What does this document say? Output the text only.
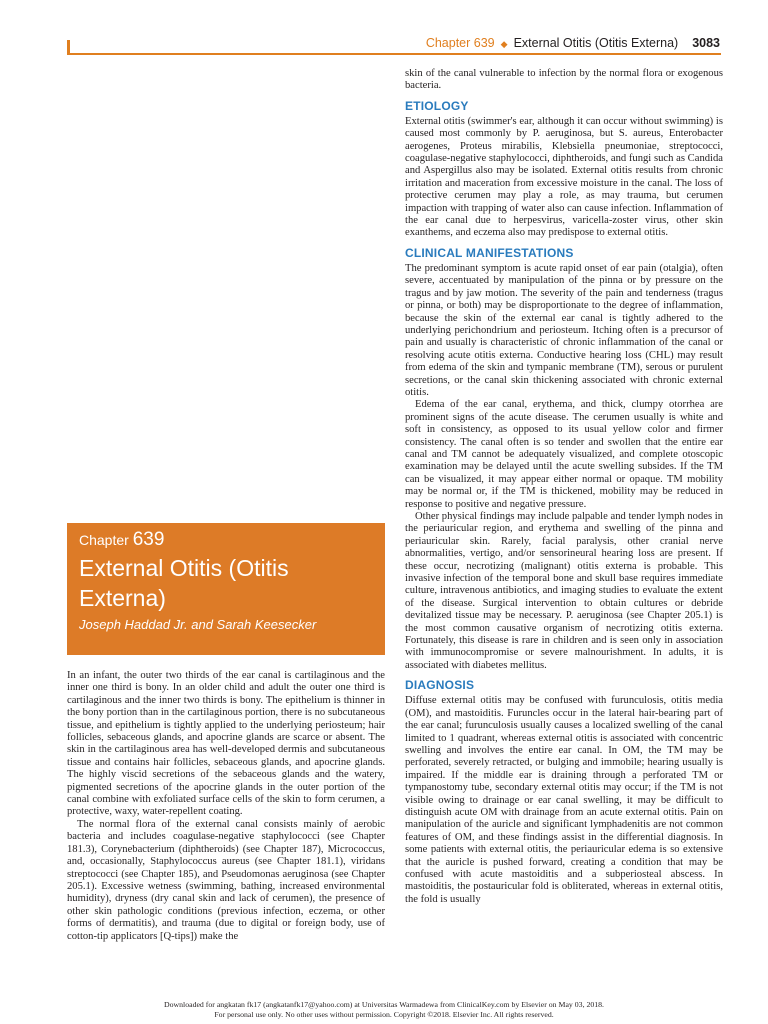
Chapter 639 ◆ External Otitis (Otitis Externa) 3083

skin of the canal vulnerable to infection by the normal flora or exogenous bacteria.

ETIOLOGY

External otitis (swimmer's ear, although it can occur without swimming) is caused most commonly by P. aeruginosa, but S. aureus, Enterobacter aerogenes, Proteus mirabilis, Klebsiella pneumoniae, streptococci, coagulase-negative staphylococci, diphtheroids, and fungi such as Candida and Aspergillus also may be isolated. External otitis results from chronic irritation and maceration from excessive moisture in the canal. The loss of protective cerumen may play a role, as may trauma, but cerumen impaction with trapping of water also can cause infection. Inflammation of the ear canal due to herpesvirus, varicella-zoster virus, other skin exanthems, and eczema also may predispose to external otitis.

CLINICAL MANIFESTATIONS

The predominant symptom is acute rapid onset of ear pain (otalgia), often severe, accentuated by manipulation of the pinna or by pressure on the tragus and by jaw motion. The severity of the pain and tenderness (tragus or pinna, or both) may be disproportionate to the degree of inflammation, because the skin of the external ear canal is tightly adhered to the underlying perichondrium and periosteum. Itching often is a precursor of pain and usually is characteristic of chronic inflammation of the canal or resolving acute otitis externa. Conductive hearing loss (CHL) may result from edema of the skin and tympanic membrane (TM), serous or purulent secretions, or the canal skin thickening associated with chronic external otitis.

Edema of the ear canal, erythema, and thick, clumpy otorrhea are prominent signs of the acute disease. The cerumen usually is white and soft in consistency, as opposed to its usual yellow color and firmer consistency. The canal often is so tender and swollen that the entire ear canal and TM cannot be adequately visualized, and complete otoscopic examination may be delayed until the acute swelling subsides. If the TM can be visualized, it may appear either normal or opaque. TM mobility may be normal or, if the TM is thickened, mobility may be reduced in response to positive and negative pressure.

Other physical findings may include palpable and tender lymph nodes in the periauricular region, and erythema and swelling of the pinna and periauricular skin. Rarely, facial paralysis, other cranial nerve abnormalities, vertigo, and/or sensorineural hearing loss are present. If these occur, necrotizing (malignant) otitis externa is probable. This invasive infection of the temporal bone and skull base requires immediate culture, intravenous antibiotics, and imaging studies to evaluate the extent of the disease. Surgical intervention to obtain cultures or debride devitalized tissue may be necessary. P. aeruginosa (see Chapter 205.1) is the most common causative organism of necrotizing otitis externa. Fortunately, this disease is rare in children and is seen only in association with immunocompromise or severe malnourishment. In adults, it is associated with diabetes mellitus.

DIAGNOSIS

Diffuse external otitis may be confused with furunculosis, otitis media (OM), and mastoiditis. Furuncles occur in the lateral hair-bearing part of the ear canal; furunculosis usually causes a localized swelling of the canal limited to 1 quadrant, whereas external otitis is associated with concentric swelling and involves the entire ear canal. In OM, the TM may be perforated, severely retracted, or bulging and immobile; hearing usually is impaired. If the middle ear is draining through a perforated TM or tympanostomy tube, secondary external otitis may occur; if the TM is not visible owing to drainage or ear canal swelling, it may be difficult to distinguish acute OM with drainage from an acute external otitis. Pain on manipulation of the auricle and significant lymphadenitis are not common features of OM, and these findings assist in the differential diagnosis. In some patients with external otitis, the periauricular edema is so extensive that the auricle is pushed forward, creating a condition that may be confused with acute mastoiditis and a subperiosteal abscess. In mastoiditis, the postauricular fold is obliterated, whereas in external otitis, the fold is usually

Chapter 639
External Otitis (Otitis Externa)
Joseph Haddad Jr. and Sarah Keesecker

In an infant, the outer two thirds of the ear canal is cartilaginous and the inner one third is bony. In an older child and adult the outer one third is cartilaginous and the inner two thirds is bony. The epithelium is thinner in the bony portion than in the cartilaginous portion, there is no subcutaneous tissue, and epithelium is tightly applied to the underlying periosteum; hair follicles, sebaceous glands, and apocrine glands are scarce or absent. The skin in the cartilaginous area has well-developed dermis and subcutaneous tissue and contains hair follicles, sebaceous glands, and apocrine glands. The highly viscid secretions of the sebaceous glands and the watery, pigmented secretions of the apocrine glands in the outer portion of the canal combine with exfoliated surface cells of the skin to form cerumen, a protective, waxy, water-repellent coating.

The normal flora of the external canal consists mainly of aerobic bacteria and includes coagulase-negative staphylococci (see Chapter 181.3), Corynebacterium (diphtheroids) (see Chapter 187), Micrococcus, and, occasionally, Staphylococcus aureus (see Chapter 181.1), viridans streptococci (see Chapter 185), and Pseudomonas aeruginosa (see Chapter 205.1). Excessive wetness (swimming, bathing, increased environmental humidity), dryness (dry canal skin and lack of cerumen), the presence of other skin pathologic conditions (previous infection, eczema, or other forms of dermatitis), and trauma (due to digital or foreign body, use of cotton-tip applicators [Q-tips]) make the

Downloaded for angkatan fk17 (angkatanfk17@yahoo.com) at Universitas Warmadewa from ClinicalKey.com by Elsevier on May 03, 2018.
For personal use only. No other uses without permission. Copyright ©2018. Elsevier Inc. All rights reserved.
